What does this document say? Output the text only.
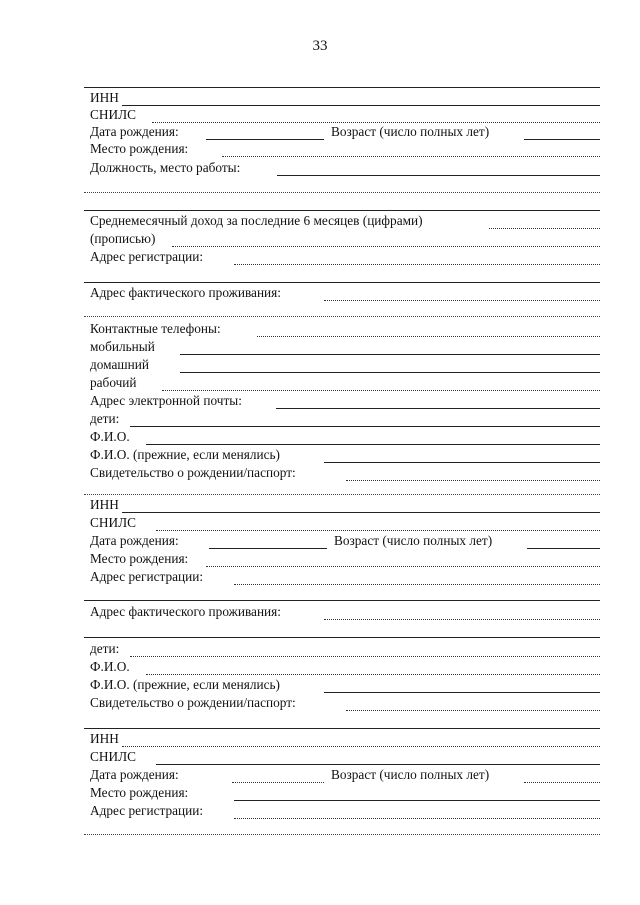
33
ИНН
СНИЛС
Дата рождения:	Возраст (число полных лет)
Место рождения:
Должность, место работы:
Среднемесячный доход за последние 6 месяцев (цифрами)
(прописью)
Адрес регистрации:
Адрес фактического проживания:
Контактные телефоны:
мобильный
домашний
рабочий
Адрес электронной почты:
дети:
Ф.И.О.
Ф.И.О. (прежние, если менялись)
Свидетельство о рождении/паспорт:
ИНН
СНИЛС
Дата рождения:	Возраст (число полных лет)
Место рождения:
Адрес регистрации:
Адрес фактического проживания:
дети:
Ф.И.О.
Ф.И.О. (прежние, если менялись)
Свидетельство о рождении/паспорт:
ИНН
СНИЛС
Дата рождения:	Возраст (число полных лет)
Место рождения:
Адрес регистрации:
